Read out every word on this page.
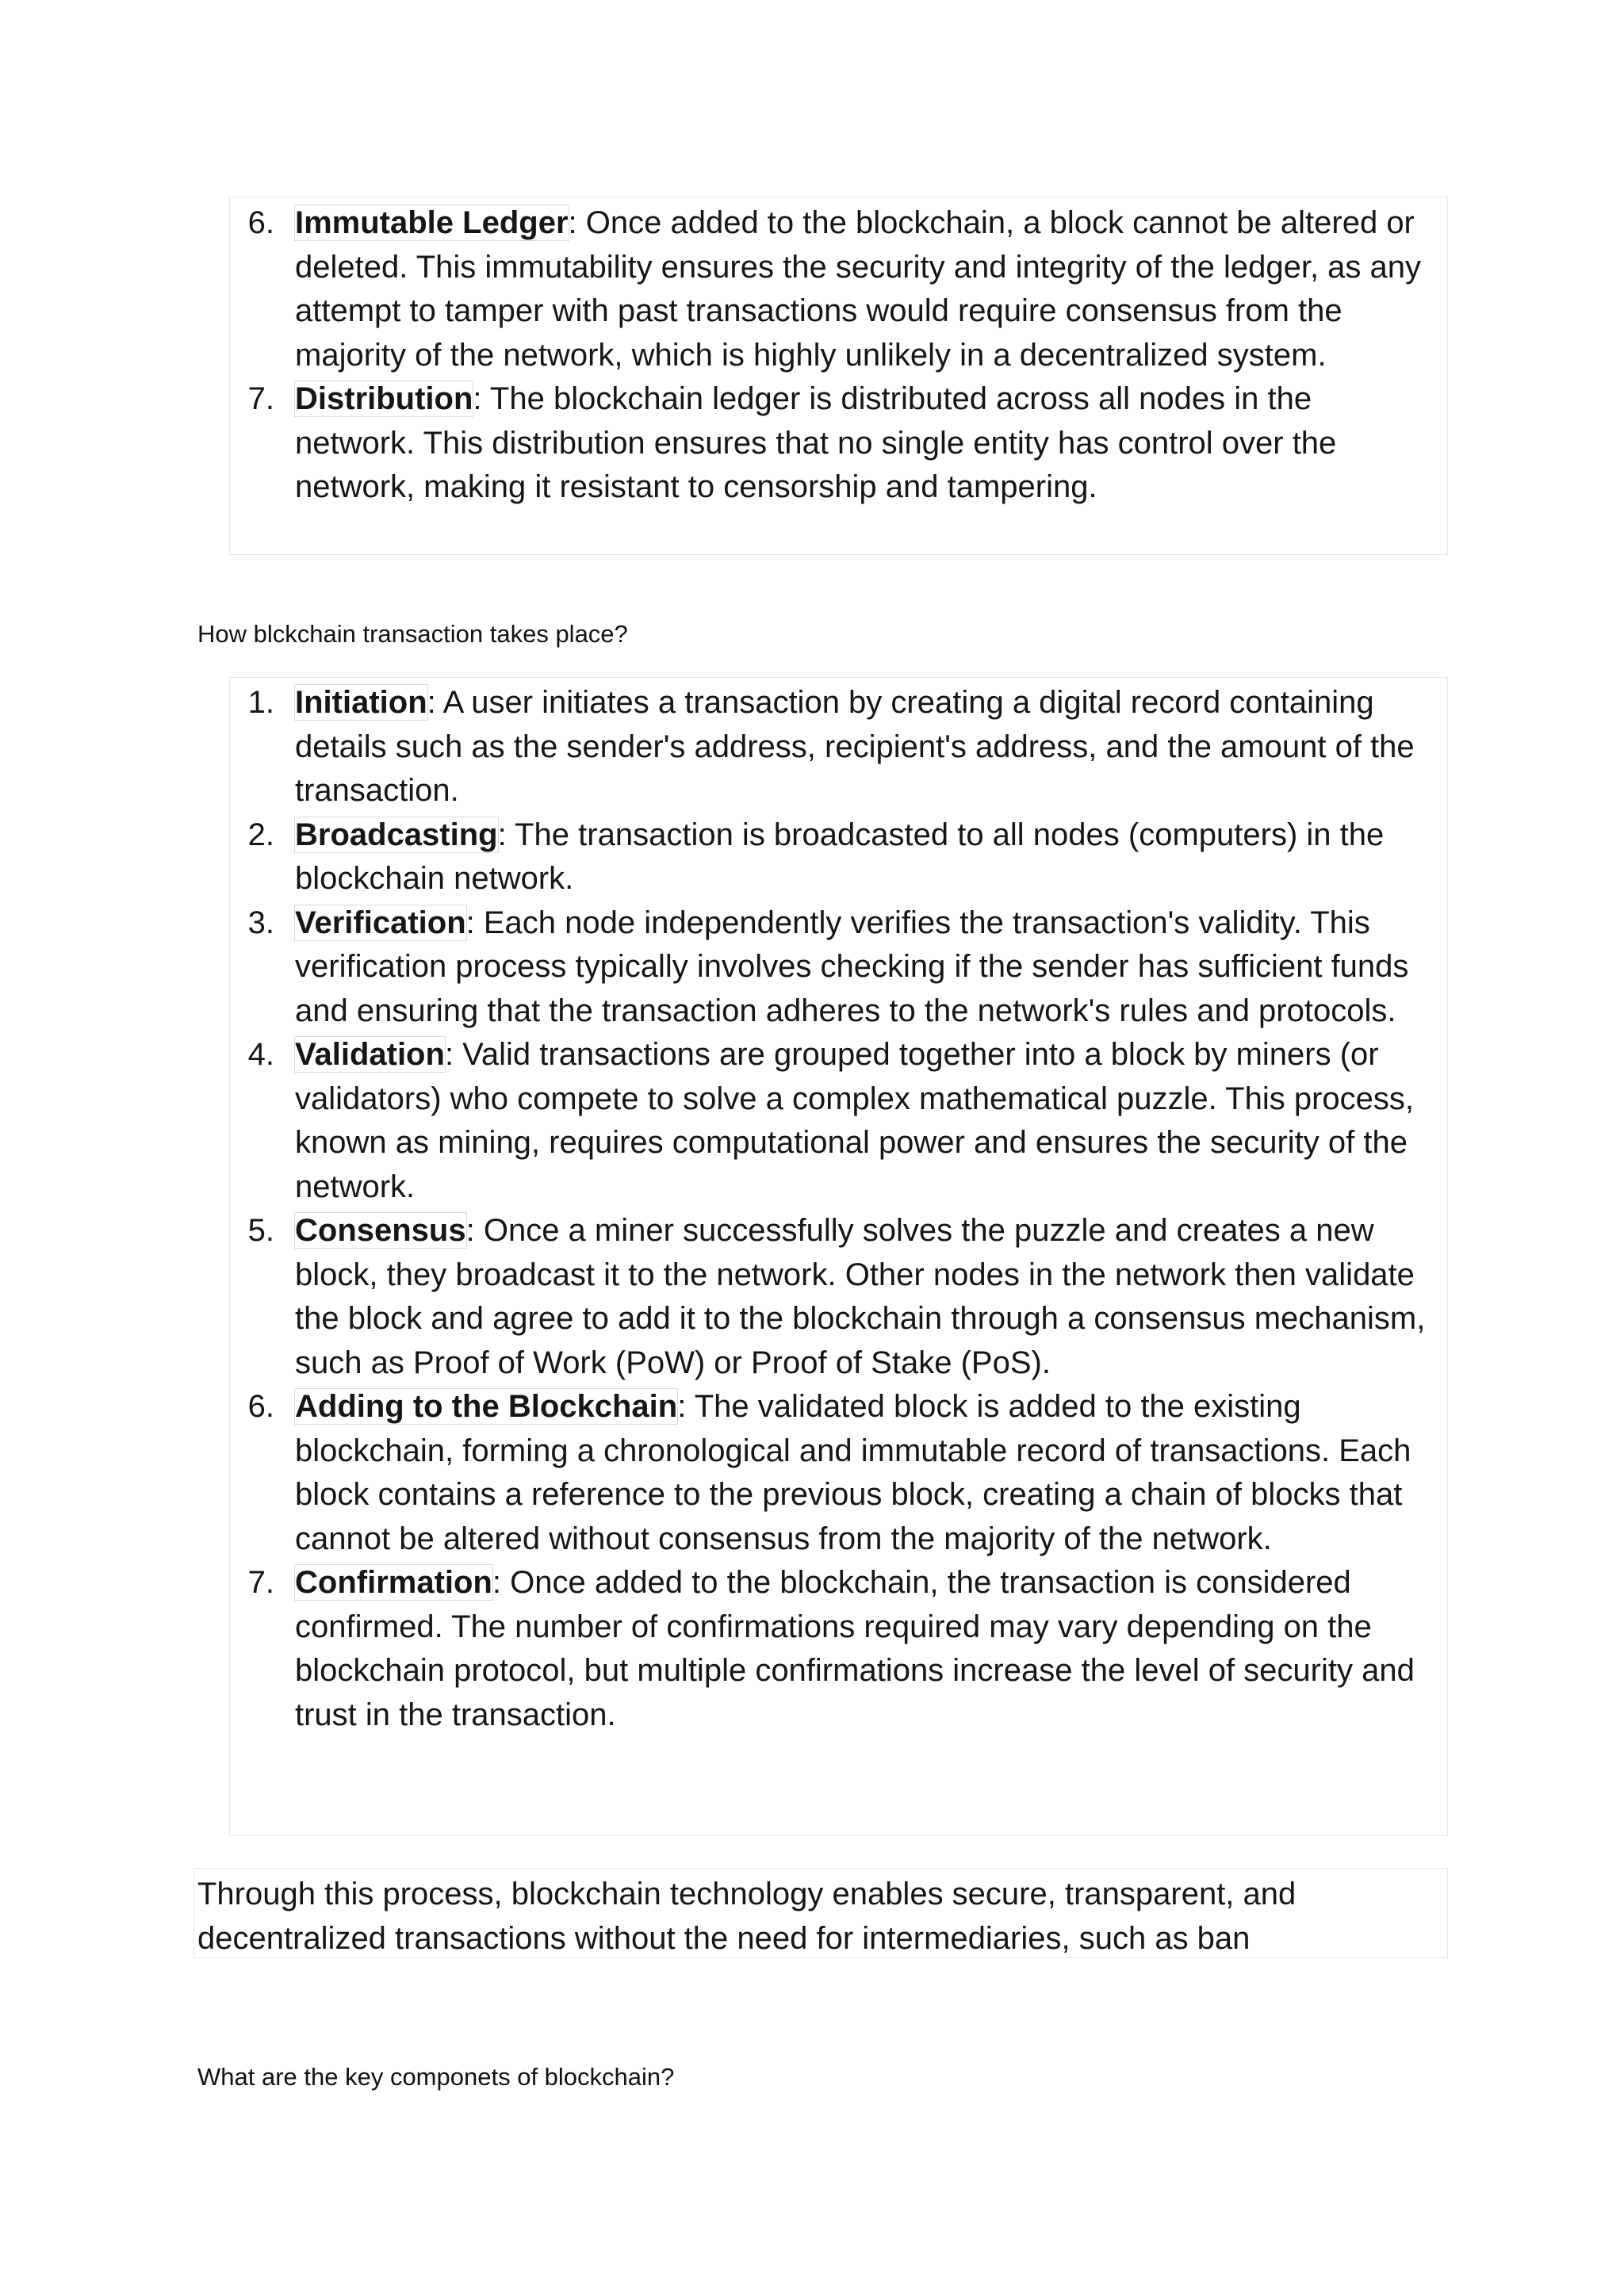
6. Immutable Ledger: Once added to the blockchain, a block cannot be altered or deleted. This immutability ensures the security and integrity of the ledger, as any attempt to tamper with past transactions would require consensus from the majority of the network, which is highly unlikely in a decentralized system.
7. Distribution: The blockchain ledger is distributed across all nodes in the network. This distribution ensures that no single entity has control over the network, making it resistant to censorship and tampering.
How blckchain transaction takes place?
1. Initiation: A user initiates a transaction by creating a digital record containing details such as the sender's address, recipient's address, and the amount of the transaction.
2. Broadcasting: The transaction is broadcasted to all nodes (computers) in the blockchain network.
3. Verification: Each node independently verifies the transaction's validity. This verification process typically involves checking if the sender has sufficient funds and ensuring that the transaction adheres to the network's rules and protocols.
4. Validation: Valid transactions are grouped together into a block by miners (or validators) who compete to solve a complex mathematical puzzle. This process, known as mining, requires computational power and ensures the security of the network.
5. Consensus: Once a miner successfully solves the puzzle and creates a new block, they broadcast it to the network. Other nodes in the network then validate the block and agree to add it to the blockchain through a consensus mechanism, such as Proof of Work (PoW) or Proof of Stake (PoS).
6. Adding to the Blockchain: The validated block is added to the existing blockchain, forming a chronological and immutable record of transactions. Each block contains a reference to the previous block, creating a chain of blocks that cannot be altered without consensus from the majority of the network.
7. Confirmation: Once added to the blockchain, the transaction is considered confirmed. The number of confirmations required may vary depending on the blockchain protocol, but multiple confirmations increase the level of security and trust in the transaction.

Through this process, blockchain technology enables secure, transparent, and decentralized transactions without the need for intermediaries, such as ban

What are the key componets of blockchain?
